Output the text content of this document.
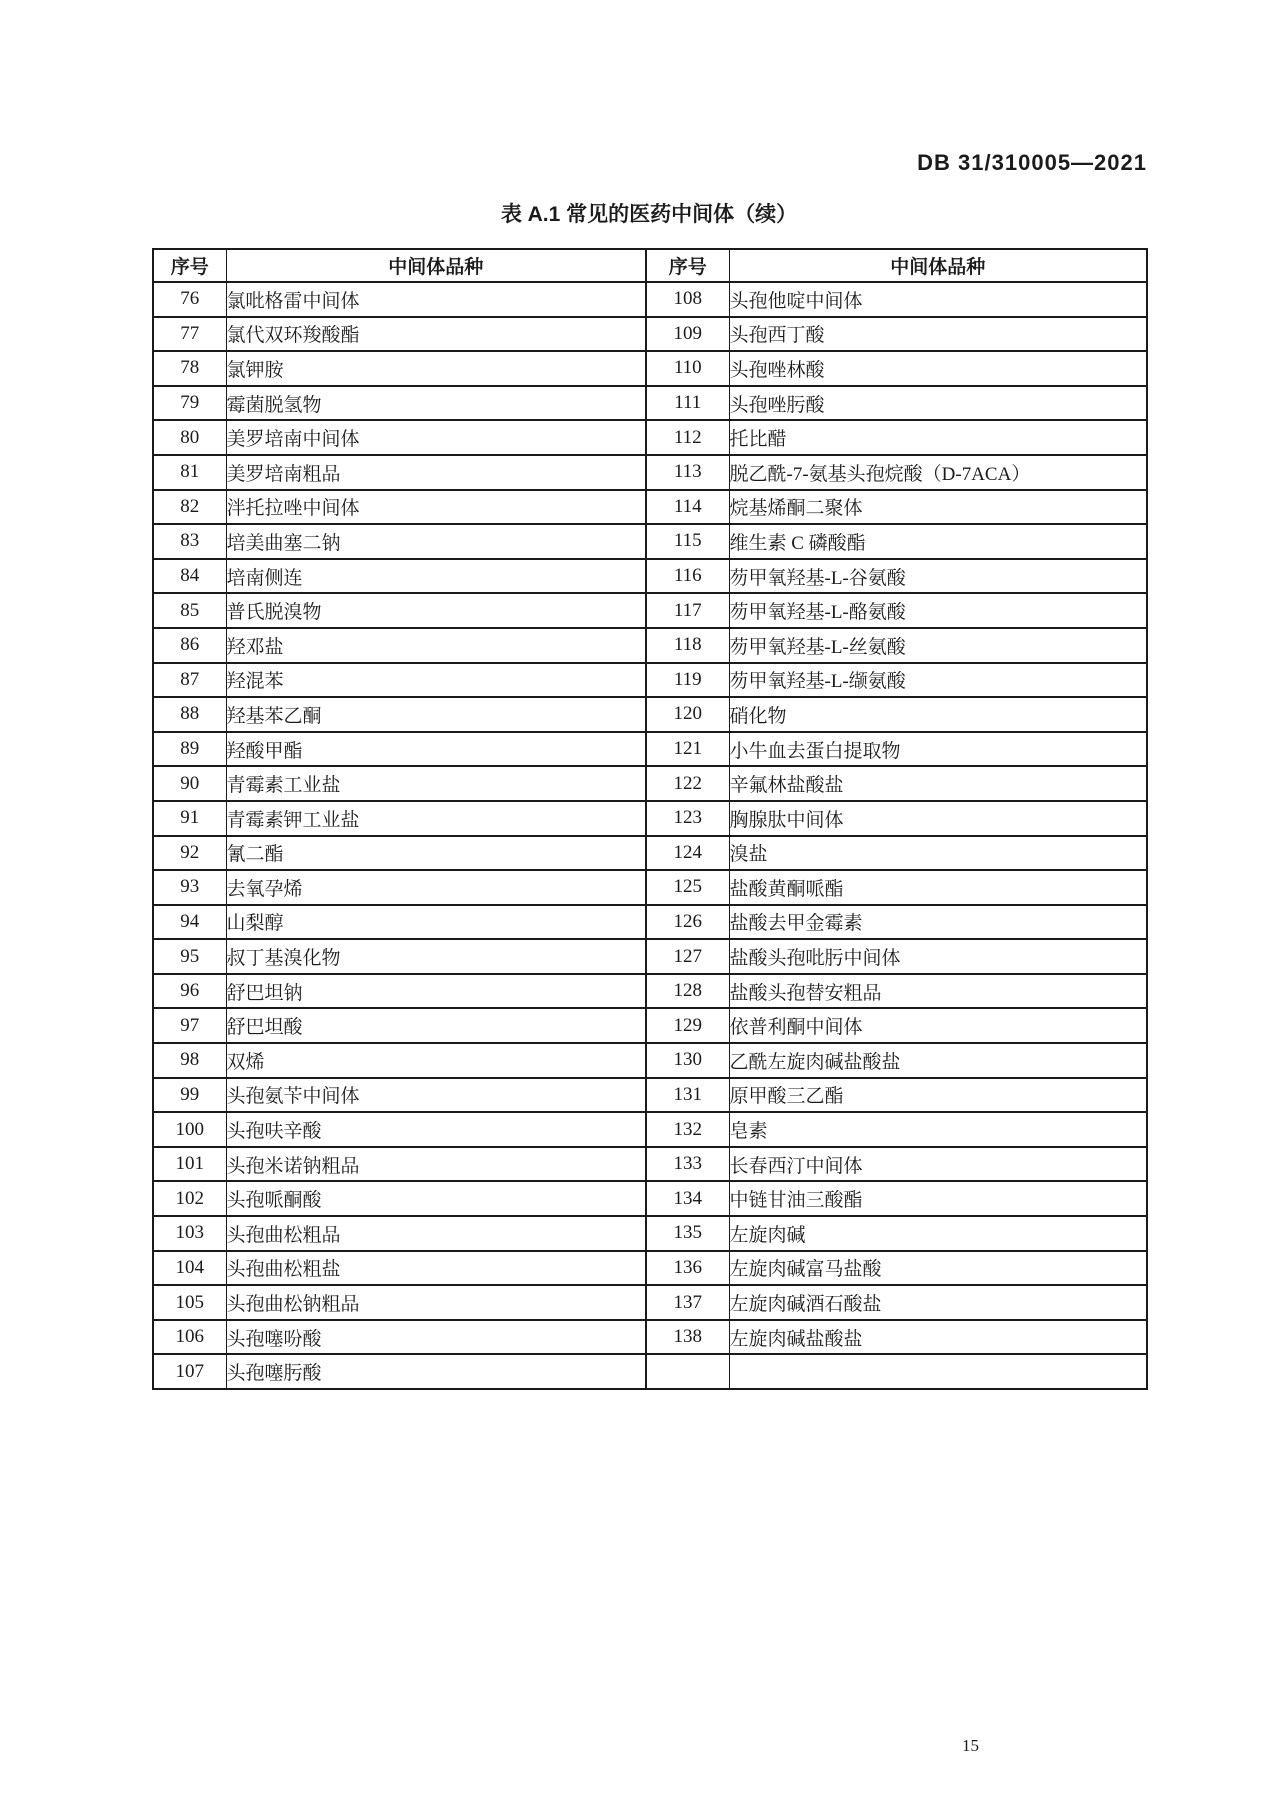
DB 31/310005—2021
表 A.1 常见的医药中间体（续）
序号	中间体品种	序号	中间体品种
76	氯吡格雷中间体	108	头孢他啶中间体
77	氯代双环羧酸酯	109	头孢西丁酸
78	氯钾胺	110	头孢唑林酸
79	霉菌脱氢物	111	头孢唑肟酸
80	美罗培南中间体	112	托比醋
81	美罗培南粗品	113	脱乙酰-7-氨基头孢烷酸（D-7ACA）
82	泮托拉唑中间体	114	烷基烯酮二聚体
83	培美曲塞二钠	115	维生素 C 磷酸酯
84	培南侧连	116	芴甲氧羟基-L-谷氨酸
85	普氏脱溴物	117	芴甲氧羟基-L-酪氨酸
86	羟邓盐	118	芴甲氧羟基-L-丝氨酸
87	羟混苯	119	芴甲氧羟基-L-缬氨酸
88	羟基苯乙酮	120	硝化物
89	羟酸甲酯	121	小牛血去蛋白提取物
90	青霉素工业盐	122	辛氟林盐酸盐
91	青霉素钾工业盐	123	胸腺肽中间体
92	氰二酯	124	溴盐
93	去氧孕烯	125	盐酸黄酮哌酯
94	山梨醇	126	盐酸去甲金霉素
95	叔丁基溴化物	127	盐酸头孢吡肟中间体
96	舒巴坦钠	128	盐酸头孢替安粗品
97	舒巴坦酸	129	依普利酮中间体
98	双烯	130	乙酰左旋肉碱盐酸盐
99	头孢氨苄中间体	131	原甲酸三乙酯
100	头孢呋辛酸	132	皂素
101	头孢米诺钠粗品	133	长春西汀中间体
102	头孢哌酮酸	134	中链甘油三酸酯
103	头孢曲松粗品	135	左旋肉碱
104	头孢曲松粗盐	136	左旋肉碱富马盐酸
105	头孢曲松钠粗品	137	左旋肉碱酒石酸盐
106	头孢噻吩酸	138	左旋肉碱盐酸盐
107	头孢噻肟酸		
15
